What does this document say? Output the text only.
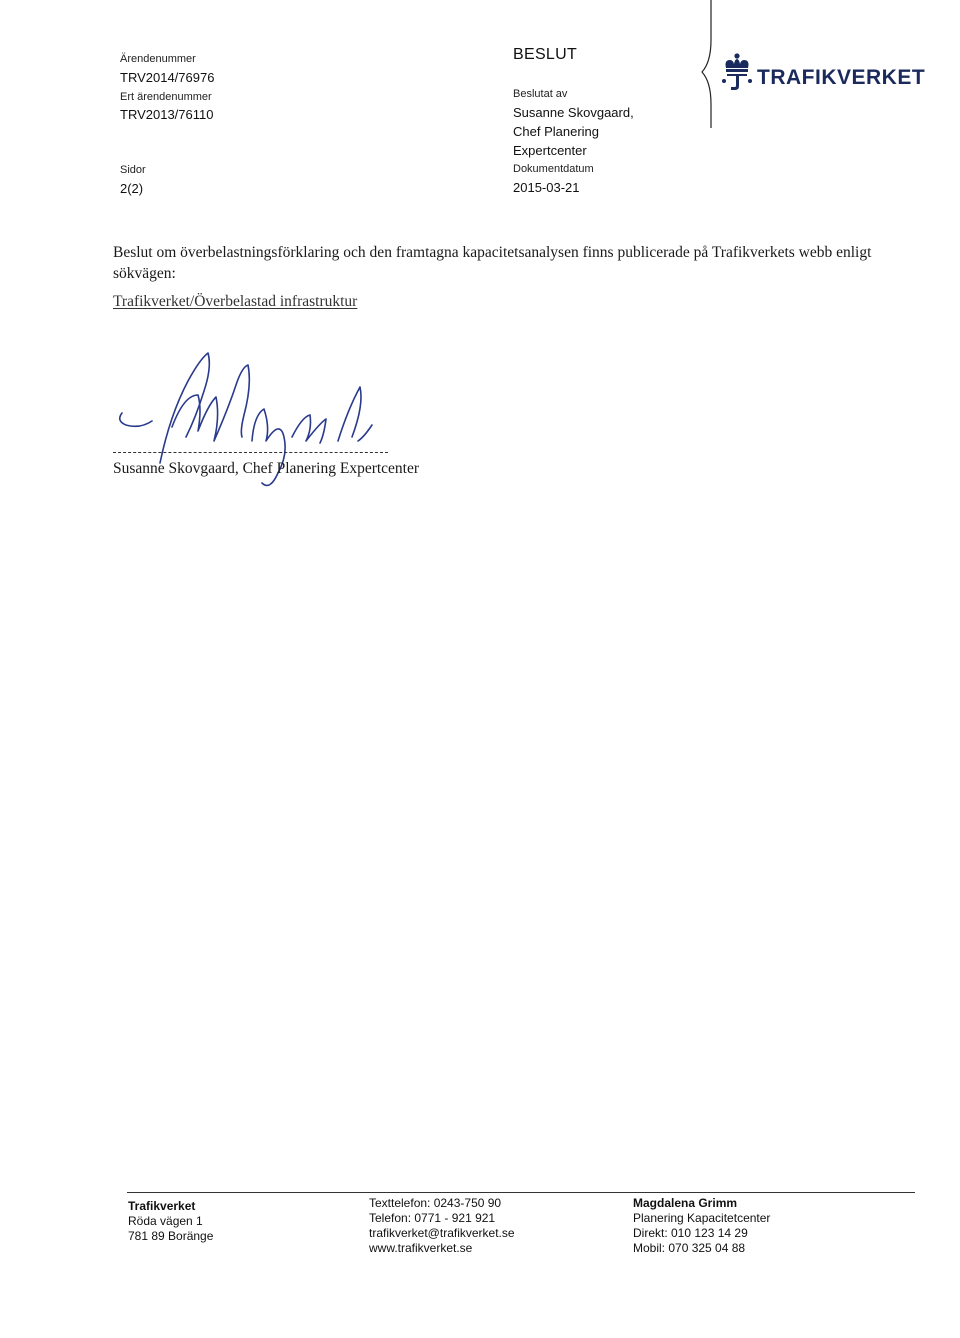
Ärendenummer
TRV2014/76976
Ert ärendenummer
TRV2013/76110
Sidor
2(2)
BESLUT
Beslutat av
Susanne Skovgaard,
Chef Planering
Expertcenter
Dokumentdatum
2015-03-21
TRAFIKVERKET
Beslut om överbelastningsförklaring och den framtagna kapacitetsanalysen finns publicerade på Trafikverkets webb enligt sökvägen:
Trafikverket/Överbelastad infrastruktur
Susanne Skovgaard, Chef Planering Expertcenter
Trafikverket
Röda vägen 1
781 89 Boränge
Texttelefon: 0243-750 90
Telefon: 0771 - 921 921
trafikverket@trafikverket.se
www.trafikverket.se
Magdalena Grimm
Planering Kapacitetcenter
Direkt: 010 123 14 29
Mobil: 070 325 04 88
